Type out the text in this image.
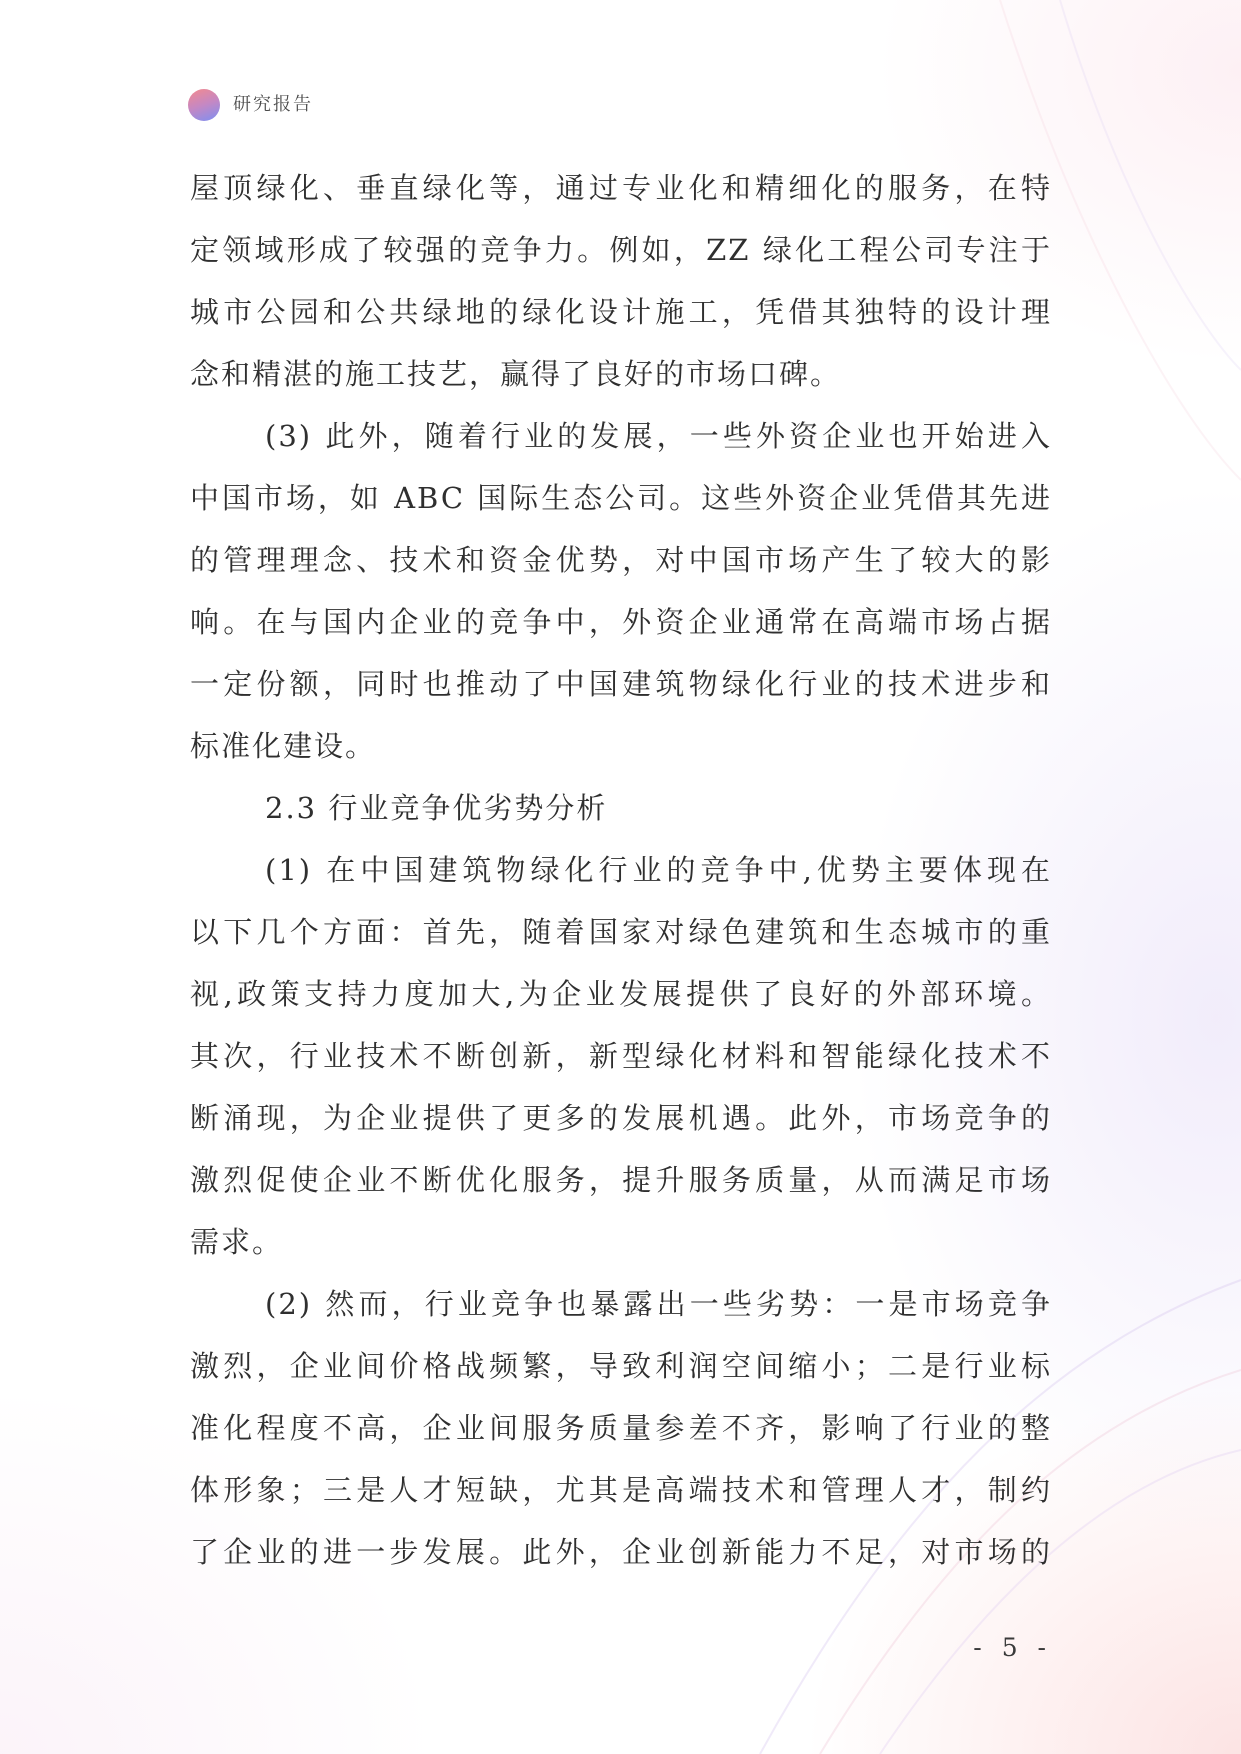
研究报告
屋顶绿化、垂直绿化等，通过专业化和精细化的服务，在特
定领域形成了较强的竞争力。例如，ZZ 绿化工程公司专注于
城市公园和公共绿地的绿化设计施工，凭借其独特的设计理
念和精湛的施工技艺，赢得了良好的市场口碑。
(3) 此外，随着行业的发展，一些外资企业也开始进入
中国市场，如 ABC 国际生态公司。这些外资企业凭借其先进
的管理理念、技术和资金优势，对中国市场产生了较大的影
响。在与国内企业的竞争中，外资企业通常在高端市场占据
一定份额，同时也推动了中国建筑物绿化行业的技术进步和
标准化建设。
2.3 行业竞争优劣势分析
(1) 在中国建筑物绿化行业的竞争中,优势主要体现在
以下几个方面：首先，随着国家对绿色建筑和生态城市的重
视,政策支持力度加大,为企业发展提供了良好的外部环境。
其次，行业技术不断创新，新型绿化材料和智能绿化技术不
断涌现，为企业提供了更多的发展机遇。此外，市场竞争的
激烈促使企业不断优化服务，提升服务质量，从而满足市场
需求。
(2) 然而，行业竞争也暴露出一些劣势：一是市场竞争
激烈，企业间价格战频繁，导致利润空间缩小；二是行业标
准化程度不高，企业间服务质量参差不齐，影响了行业的整
体形象；三是人才短缺，尤其是高端技术和管理人才，制约
了企业的进一步发展。此外，企业创新能力不足，对市场的
- 5 -
